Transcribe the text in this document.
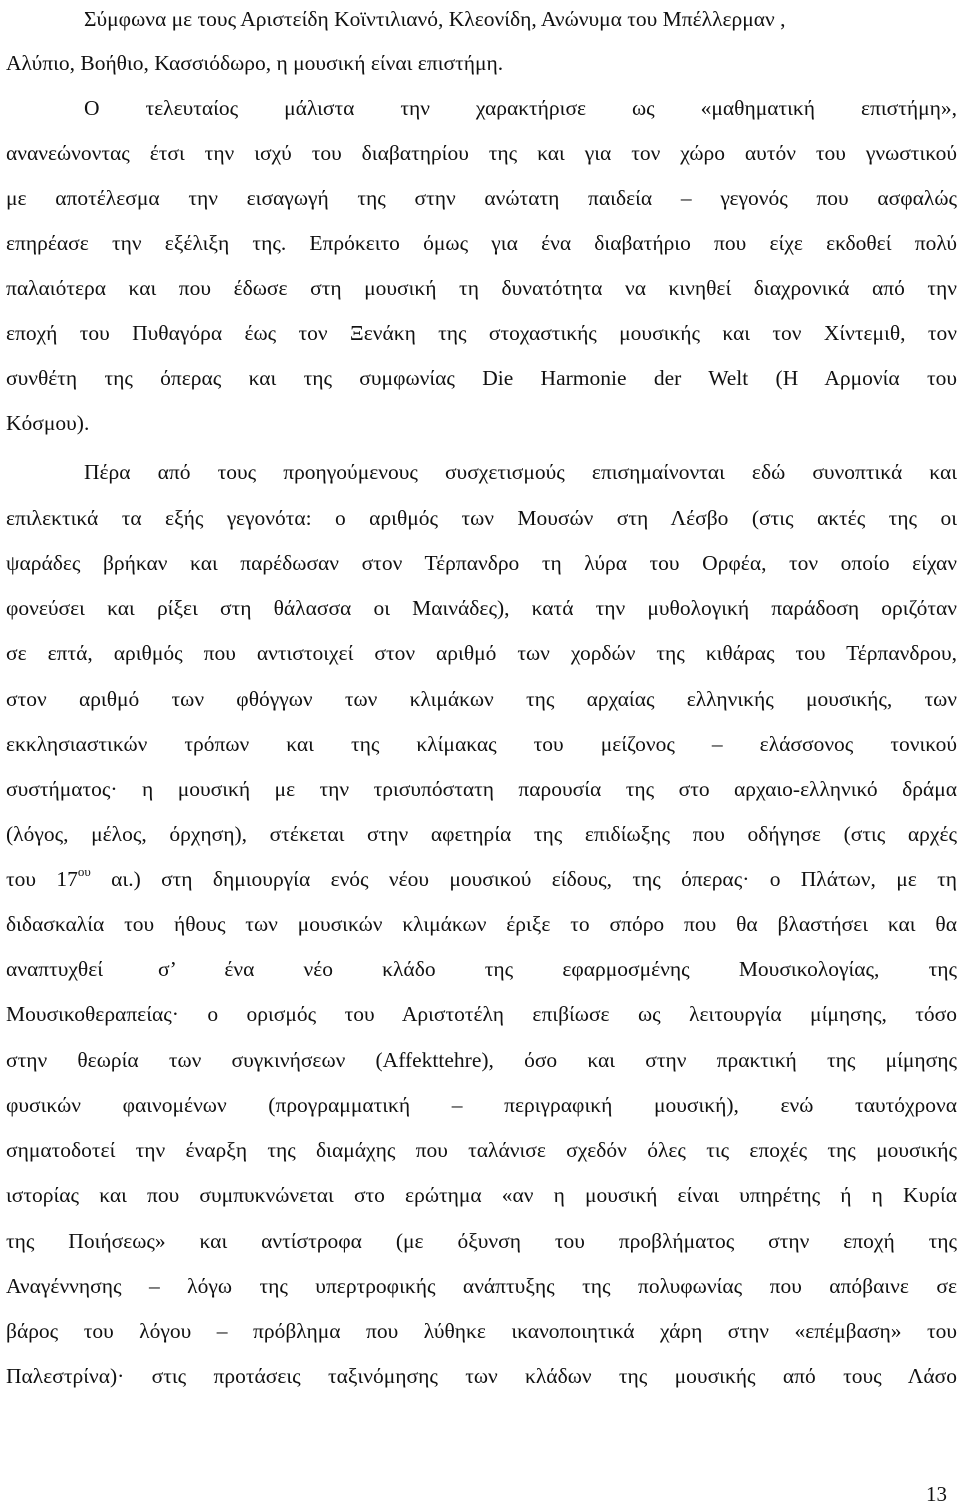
Σύμφωνα με τους Αριστείδη Κοϊντιλιανό, Κλεονίδη, Ανώνυμα του Μπέλλερμαν ,
Αλύπιο, Βοήθιο, Κασσιόδωρο, η μουσική είναι επιστήμη.
Ο τελευταίος μάλιστα την χαρακτήρισε ως «μαθηματική επιστήμη»,
ανανεώνοντας έτσι την ισχύ του διαβατηρίου της και για τον χώρο αυτόν του γνωστικού
με αποτέλεσμα την εισαγωγή της στην ανώτατη παιδεία – γεγονός που ασφαλώς
επηρέασε την εξέλιξη της. Επρόκειτο όμως για ένα διαβατήριο που είχε εκδοθεί πολύ
παλαιότερα και που έδωσε στη μουσική τη δυνατότητα να κινηθεί διαχρονικά από την
εποχή του Πυθαγόρα έως τον Ξενάκη της στοχαστικής μουσικής και τον Χίντεμιθ, τον
συνθέτη της όπερας και της συμφωνίας Die Harmonie der Welt (Η Αρμονία του
Κόσμου).
Πέρα από τους προηγούμενους συσχετισμούς επισημαίνονται εδώ συνοπτικά και
επιλεκτικά τα εξής γεγονότα: ο αριθμός των Μουσών στη Λέσβο (στις ακτές της οι
ψαράδες βρήκαν και παρέδωσαν στον Τέρπανδρο τη λύρα του Ορφέα, τον οποίο είχαν
φονεύσει και ρίξει στη θάλασσα οι Μαινάδες), κατά την μυθολογική παράδοση οριζόταν
σε επτά, αριθμός που αντιστοιχεί στον αριθμό των χορδών της κιθάρας του Τέρπανδρου,
στον αριθμό των φθόγγων των κλιμάκων της αρχαίας ελληνικής μουσικής, των
εκκλησιαστικών τρόπων και της κλίμακας του μείζονος – ελάσσονος τονικού
συστήματος· η μουσική με την τρισυπόστατη παρουσία της στο αρχαιο-ελληνικό δράμα
(λόγος, μέλος, όρχηση), στέκεται στην αφετηρία της επιδίωξης που οδήγησε (στις αρχές
του $17^{o\upsilon}$ αι.) στη δημιουργία ενός νέου μουσικού είδους, της όπερας· ο Πλάτων, με τη
διδασκαλία του ήθους των μουσικών κλιμάκων έριξε το σπόρο που θα βλαστήσει και θα
αναπτυχθεί	σ’ ένα νέο κλάδο της εφαρμοσμένης Μουσικολογίας, της
Μουσικοθεραπείας· ο ορισμός του Αριστοτέλη επιβίωσε ως λειτουργία μίμησης, τόσο
στην θεωρία των συγκινήσεων (Affekttehre), όσο και στην πρακτική της μίμησης
φυσικών φαινομένων (προγραμματική – περιγραφική μουσική), ενώ ταυτόχρονα
σηματοδοτεί την έναρξη της διαμάχης που ταλάνισε σχεδόν όλες τις εποχές της μουσικής
ιστορίας και που συμπυκνώνεται στο ερώτημα «αν η μουσική είναι υπηρέτης ή η Κυρία
της Ποιήσεως» και αντίστροφα (με όξυνση του προβλήματος στην εποχή της
Αναγέννησης – λόγω της υπερτροφικής ανάπτυξης της πολυφωνίας που απόβαινε σε
βάρος του λόγου – πρόβλημα που λύθηκε ικανοποιητικά χάρη στην «επέμβαση» του
Παλεστρίνα)· στις προτάσεις ταξινόμησης των κλάδων της μουσικής από τους Λάσο
13
